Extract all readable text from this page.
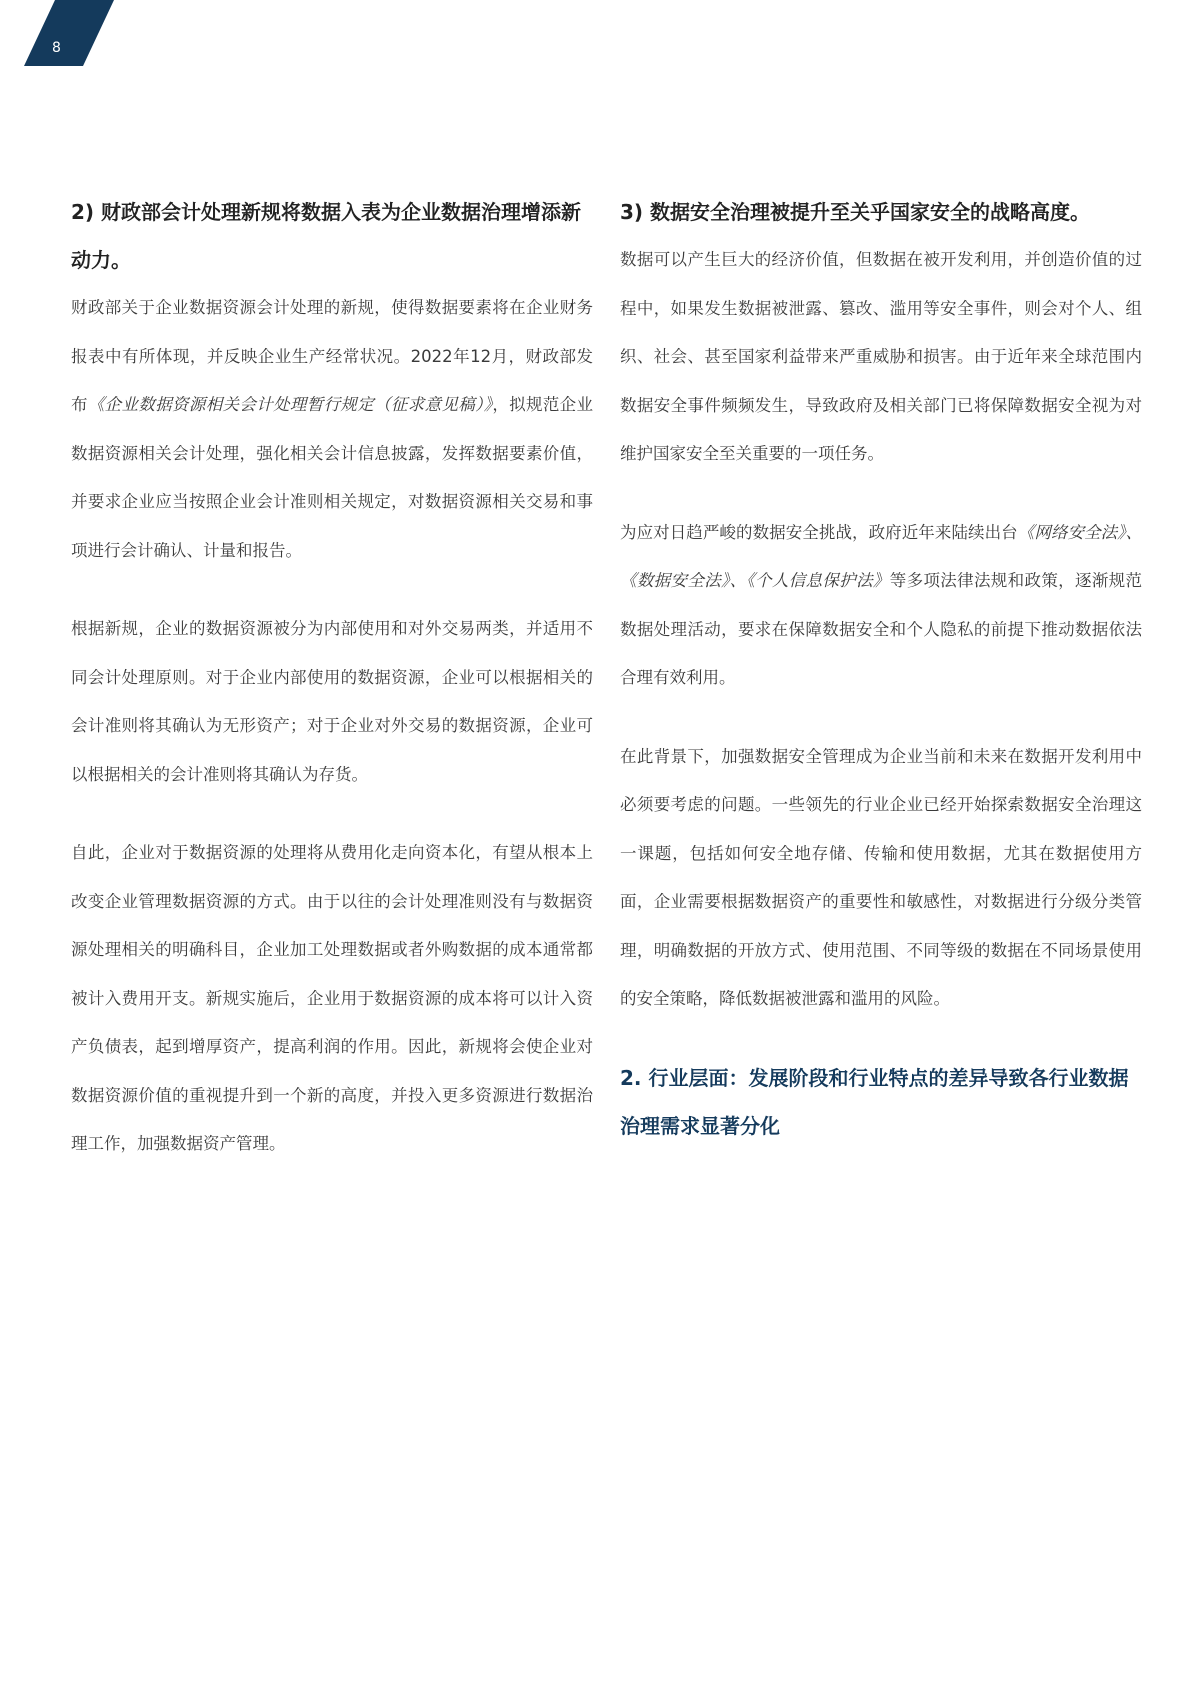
8
2) 财政部会计处理新规将数据入表为企业数据治理增添新动力。

财政部关于企业数据资源会计处理的新规，使得数据要素将在企业财务报表中有所体现，并反映企业生产经常状况。2022年12月，财政部发布《企业数据资源相关会计处理暂行规定（征求意见稿）》，拟规范企业数据资源相关会计处理，强化相关会计信息披露，发挥数据要素价值，并要求企业应当按照企业会计准则相关规定，对数据资源相关交易和事项进行会计确认、计量和报告。

根据新规，企业的数据资源被分为内部使用和对外交易两类，并适用不同会计处理原则。对于企业内部使用的数据资源，企业可以根据相关的会计准则将其确认为无形资产；对于企业对外交易的数据资源，企业可以根据相关的会计准则将其确认为存货。

自此，企业对于数据资源的处理将从费用化走向资本化，有望从根本上改变企业管理数据资源的方式。由于以往的会计处理准则没有与数据资源处理相关的明确科目，企业加工处理数据或者外购数据的成本通常都被计入费用开支。新规实施后，企业用于数据资源的成本将可以计入资产负债表，起到增厚资产，提高利润的作用。因此，新规将会使企业对数据资源价值的重视提升到一个新的高度，并投入更多资源进行数据治理工作，加强数据资产管理。

3) 数据安全治理被提升至关乎国家安全的战略高度。

数据可以产生巨大的经济价值，但数据在被开发利用，并创造价值的过程中，如果发生数据被泄露、篡改、滥用等安全事件，则会对个人、组织、社会、甚至国家利益带来严重威胁和损害。由于近年来全球范围内数据安全事件频频发生，导致政府及相关部门已将保障数据安全视为对维护国家安全至关重要的一项任务。

为应对日趋严峻的数据安全挑战，政府近年来陆续出台《网络安全法》、《数据安全法》、《个人信息保护法》等多项法律法规和政策，逐渐规范数据处理活动，要求在保障数据安全和个人隐私的前提下推动数据依法合理有效利用。

在此背景下，加强数据安全管理成为企业当前和未来在数据开发利用中必须要考虑的问题。一些领先的行业企业已经开始探索数据安全治理这一课题，包括如何安全地存储、传输和使用数据，尤其在数据使用方面，企业需要根据数据资产的重要性和敏感性，对数据进行分级分类管理，明确数据的开放方式、使用范围、不同等级的数据在不同场景使用的安全策略，降低数据被泄露和滥用的风险。

2. 行业层面：发展阶段和行业特点的差异导致各行业数据治理需求显著分化
